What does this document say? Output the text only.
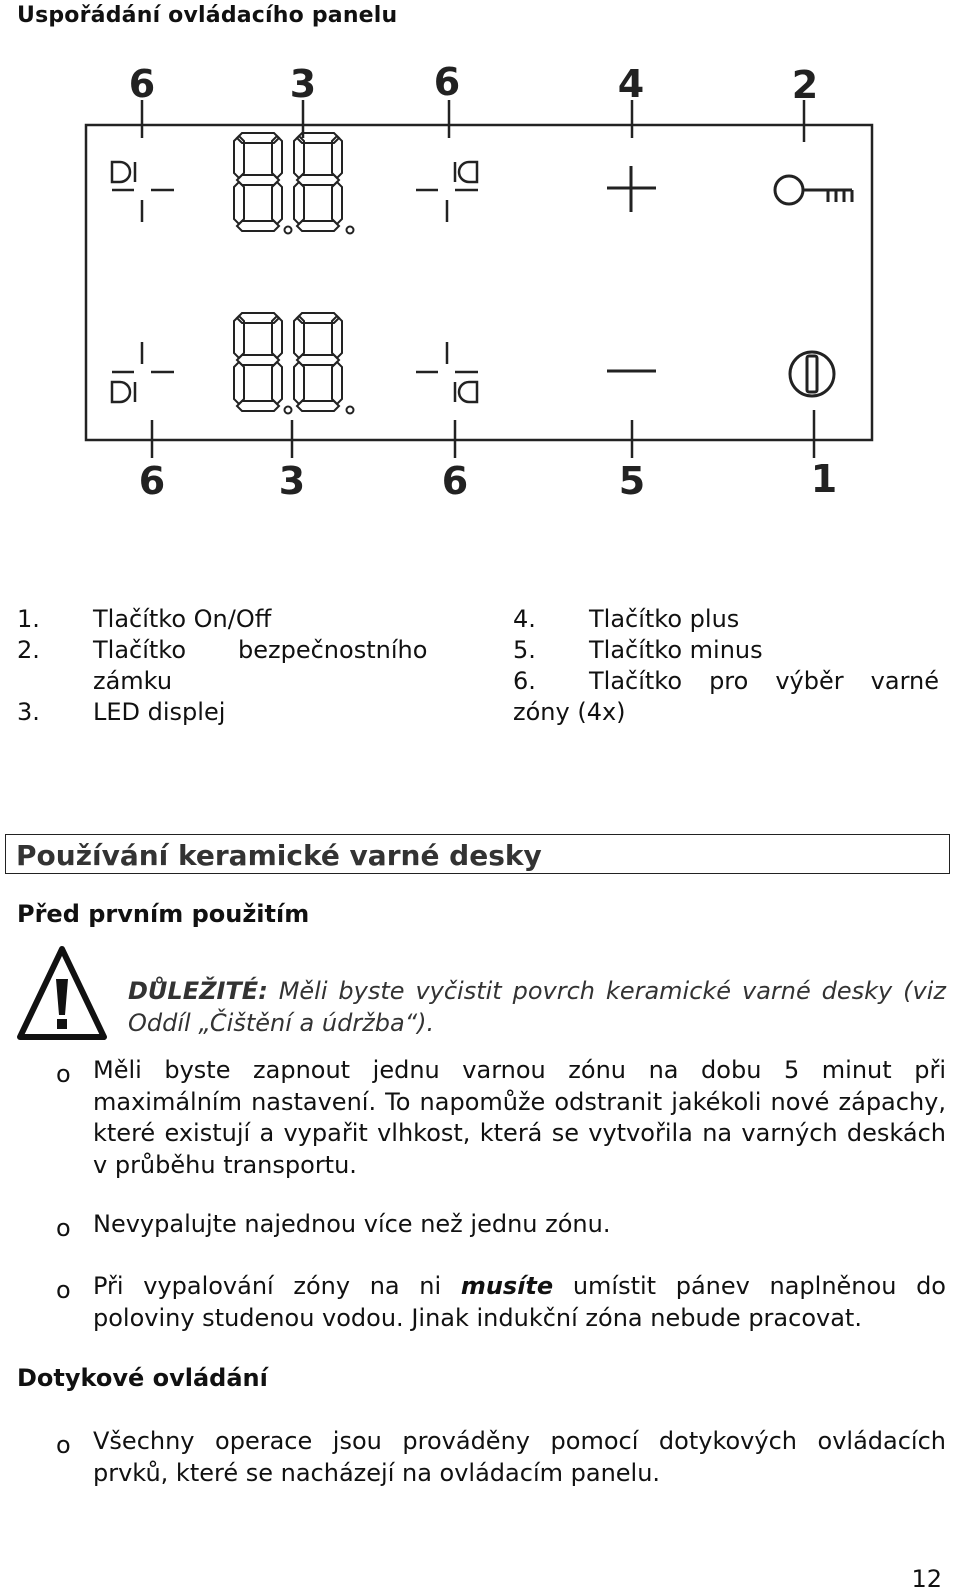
Uspořádání ovládacího panelu
6	3	6	4	2
6	3	6	5	1
1. Tlačítko On/Off
2. Tlačítko bezpečnostního
zámku
3. LED displej
4. Tlačítko plus
5. Tlačítko minus
6. Tlačítko pro výběr varné
zóny (4x)
Používání keramické varné desky
Před prvním použitím
DŮLEŽITÉ: Měli byste vyčistit povrch keramické varné desky (viz Oddíl „Čištění a údržba“).
o Měli byste zapnout jednu varnou zónu na dobu 5 minut při maximálním nastavení. To napomůže odstranit jakékoli nové zápachy, které existují a vypařit vlhkost, která se vytvořila na varných deskách v průběhu transportu.
o Nevypalujte najednou více než jednu zónu.
o Při vypalování zóny na ni musíte umístit pánev naplněnou do poloviny studenou vodou. Jinak indukční zóna nebude pracovat.
Dotykové ovládání
o Všechny operace jsou prováděny pomocí dotykových ovládacích prvků, které se nacházejí na ovládacím panelu.
12
